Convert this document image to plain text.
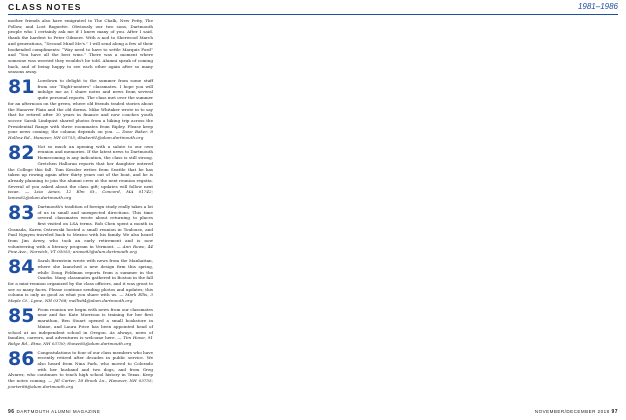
CLASS NOTES	1981–1986

mother friends also have emigrated to The Chalk, New Petty, The Follow, and Lost Baguette. Obviously our two sons, Dartmouth people who I certainly ask me if I knew many of you. After I said, thank the hardest to Peter Gilmore. With a nod to Sherwood March and generations, “Second Mind Me's.” I will send along a few of their bookended compliments: “Way need to have to settle Marquis Ford” and “You have all the best wins.” There was a moment where someone was worried they wouldn't be told. Alumni speak of coming back, and of being happy to see each other again after so many seasons away.

81 Lowdown to delight to the summer from some stuff from our “Eight-neaters” classmates. I hope you will indulge me as I share notes and news from several quite personal reports. The class met over the summer for an afternoon on the green, where old friends traded stories about the Hanover Plain and the old dorms. Mike Whitaker wrote in to say that he retired after 30 years in finance and now coaches youth soccer. Sarah Lindquist shared photos from a hiking trip across the Presidential Range with three roommates from Ripley. Please keep your news coming; the column depends on you. — Dave Baker, 8 Hollow Rd., Hanover, NH 03755; dbaker81@alum.dartmouth.org
82 Not so much an opening with a salute to our own reunion and memories. If the latest news to Dartmouth Homecoming is any indication, the class is still strong. Gretchen Halloran reports that her daughter entered the College this fall. Tom Kessler writes from Seattle that he has taken up rowing again after thirty years out of the boat, and he is already planning to join the alumni crew at the next reunion regatta. Several of you asked about the class gift; updates will follow next issue. — Lisa Ames, 12 Elm St., Concord, MA 01742; lames82@alum.dartmouth.org
83 Dartmouth's tradition of foreign study really takes a lot of us in small and unexpected directions. This time several classmates wrote about returning to places first visited on LSA terms. Rob Chen spent a month in Granada, Karen Ostrowski hosted a small reunion in Toulouse, and Paul Nguyen traveled back to Mexico with his family. We also heard from Jim Avery, who took an early retirement and is now volunteering with a literacy program in Vermont. — Ann Rowe, 44 Pine Ave., Norwich, VT 05055; arowe83@alum.dartmouth.org
84 Sarah Bernstein wrote with news from the Manhattan, where she launched a new design firm this spring, while Doug Feldman reports from a summer in the Ozarks. Many classmates gathered in Boston in the fall for a mini-reunion organized by the class officers, and it was great to see so many faces. Please continue sending photos and updates; this column is only as good as what you share with us. — Mark Ellis, 3 Maple Ct., Lyme, NH 03768; mellis84@alum.dartmouth.org
85 From reunion we begin with news from our classmates near and far. Kate Morrison is training for her first marathon, Ben Stuart opened a small bookstore in Maine, and Laura Price has been appointed head of school at an independent school in Oregon. As always, news of families, careers, and adventures is welcome here. — Tim Howe, 91 Ridge Rd., Etna, NH 03750; thowe85@alum.dartmouth.org
86 Congratulations to four of our class members who have recently retired after decades in public service. We also heard from Nina Park, who moved to Colorado with her husband and two dogs, and from Greg Alvarez, who continues to teach high school history in Texas. Keep the notes coming. — Jill Carter, 18 Brook Ln., Hanover, NH 03755; jcarter86@alum.dartmouth.org
96 DARTMOUTH ALUMNI MAGAZINE	NOVEMBER/DECEMBER 2018 97
